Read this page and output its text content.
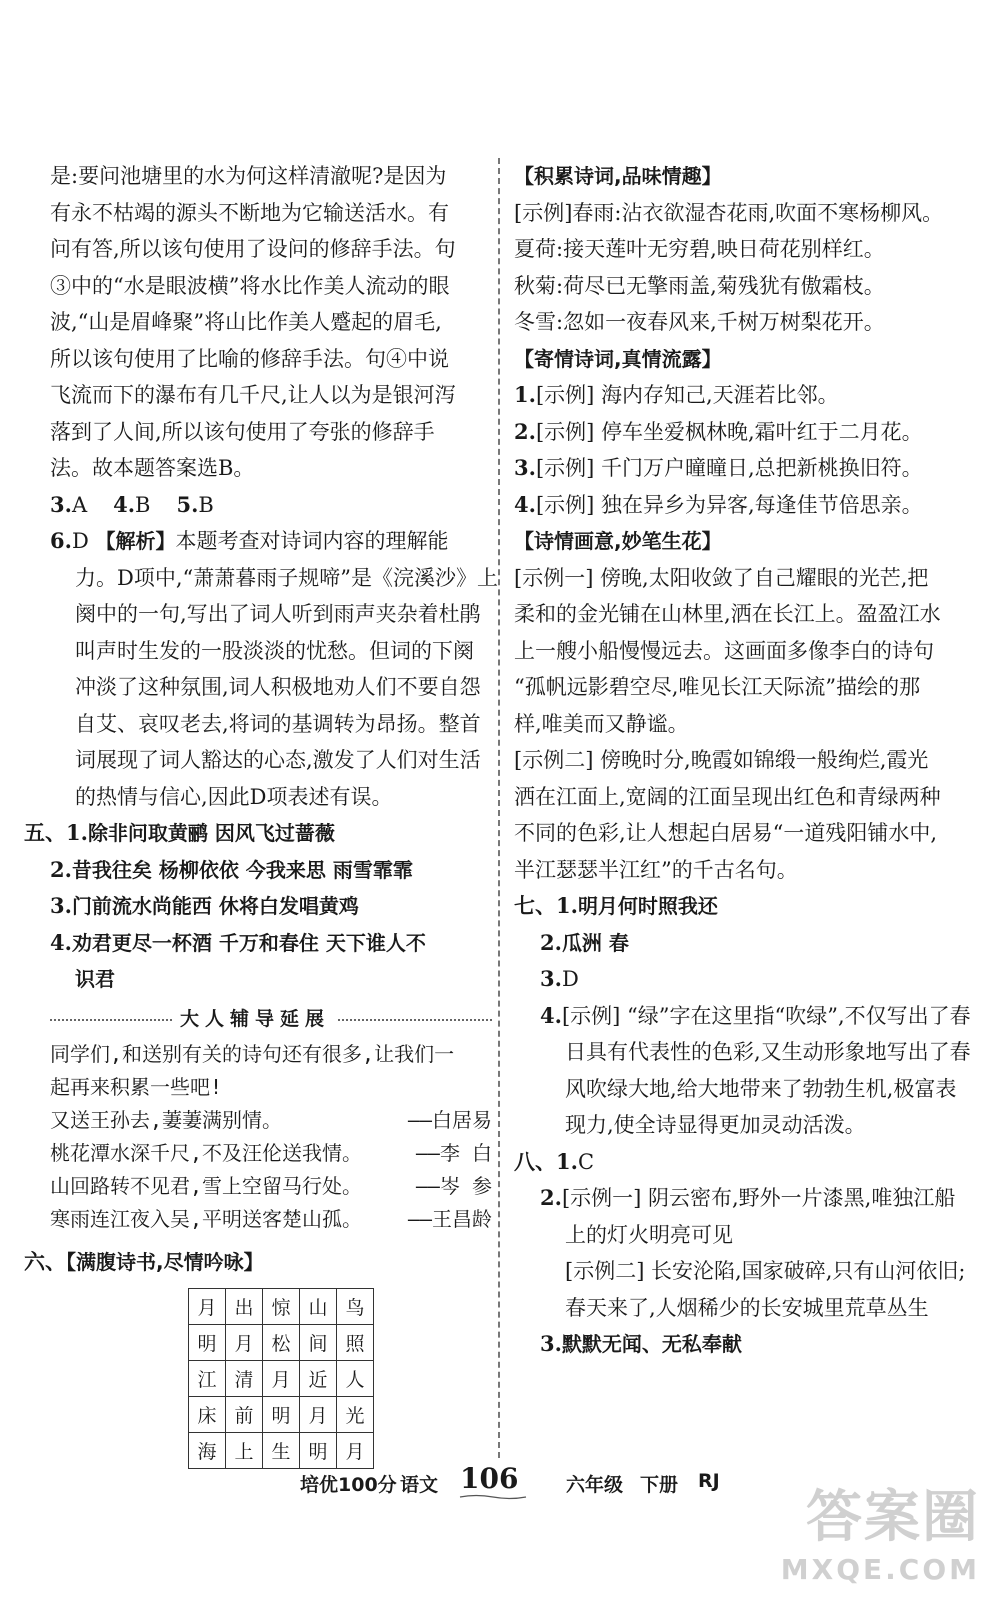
是:要问池塘里的水为何这样清澈呢?是因为

有永不枯竭的源头不断地为它输送活水。有

问有答,所以该句使用了设问的修辞手法。句

③中的“水是眼波横”将水比作美人流动的眼

波,“山是眉峰聚”将山比作美人蹙起的眉毛,

所以该句使用了比喻的修辞手法。句④中说

飞流而下的瀑布有几千尺,让人以为是银河泻

落到了人间,所以该句使用了夸张的修辞手

法。故本题答案选B。

3.A 4.B 5.B

6.D 【解析】本题考查对诗词内容的理解能

力。D项中,“萧萧暮雨子规啼”是《浣溪沙》上

阕中的一句,写出了词人听到雨声夹杂着杜鹃

叫声时生发的一股淡淡的忧愁。但词的下阕

冲淡了这种氛围,词人积极地劝人们不要自怨

自艾、哀叹老去,将词的基调转为昂扬。整首

词展现了词人豁达的心态,激发了人们对生活

的热情与信心,因此D项表述有误。

五、1.除非问取黄鹂 因风飞过蔷薇

2.昔我往矣 杨柳依依 今我来思 雨雪霏霏

3.门前流水尚能西 休将白发唱黄鸡

4.劝君更尽一杯酒 千万和春住 天下谁人不

识君

大人辅导延展

同学们,和送别有关的诗句还有很多,让我们一

起再来积累一些吧!

又送王孙去,萋萋满别情。	——白居易
桃花潭水深千尺,不及汪伦送我情。	——李 白
山回路转不见君,雪上空留马行处。	——岑 参
寒雨连江夜入吴,平明送客楚山孤。 ——王昌龄

六、【满腹诗书,尽情吟咏】

月	出	惊	山	鸟
明	月	松	间	照
江	清	月	近	人
床	前	明	月	光
海	上	生	明	月

【积累诗词,品味情趣】

[示例]春雨:沾衣欲湿杏花雨,吹面不寒杨柳风。

夏荷:接天莲叶无穷碧,映日荷花别样红。

秋菊:荷尽已无擎雨盖,菊残犹有傲霜枝。

冬雪:忽如一夜春风来,千树万树梨花开。

【寄情诗词,真情流露】

1.[示例] 海内存知己,天涯若比邻。

2.[示例] 停车坐爱枫林晚,霜叶红于二月花。

3.[示例] 千门万户曈曈日,总把新桃换旧符。

4.[示例] 独在异乡为异客,每逢佳节倍思亲。

【诗情画意,妙笔生花】

[示例一] 傍晚,太阳收敛了自己耀眼的光芒,把

柔和的金光铺在山林里,洒在长江上。盈盈江水

上一艘小船慢慢远去。这画面多像李白的诗句

“孤帆远影碧空尽,唯见长江天际流”描绘的那

样,唯美而又静谧。

[示例二] 傍晚时分,晚霞如锦缎一般绚烂,霞光

洒在江面上,宽阔的江面呈现出红色和青绿两种

不同的色彩,让人想起白居易“一道残阳铺水中,

半江瑟瑟半江红”的千古名句。

七、1.明月何时照我还

2.瓜洲 春

3.D

4.[示例] “绿”字在这里指“吹绿”,不仅写出了春

日具有代表性的色彩,又生动形象地写出了春

风吹绿大地,给大地带来了勃勃生机,极富表

现力,使全诗显得更加灵动活泼。

八、1.C

2.[示例一] 阴云密布,野外一片漆黑,唯独江船

上的灯火明亮可见

[示例二] 长安沦陷,国家破碎,只有山河依旧;

春天来了,人烟稀少的长安城里荒草丛生

3.默默无闻、无私奉献

培优100分 语文 106	六年级 下册 RJ
答案圈
MXQE.COM
